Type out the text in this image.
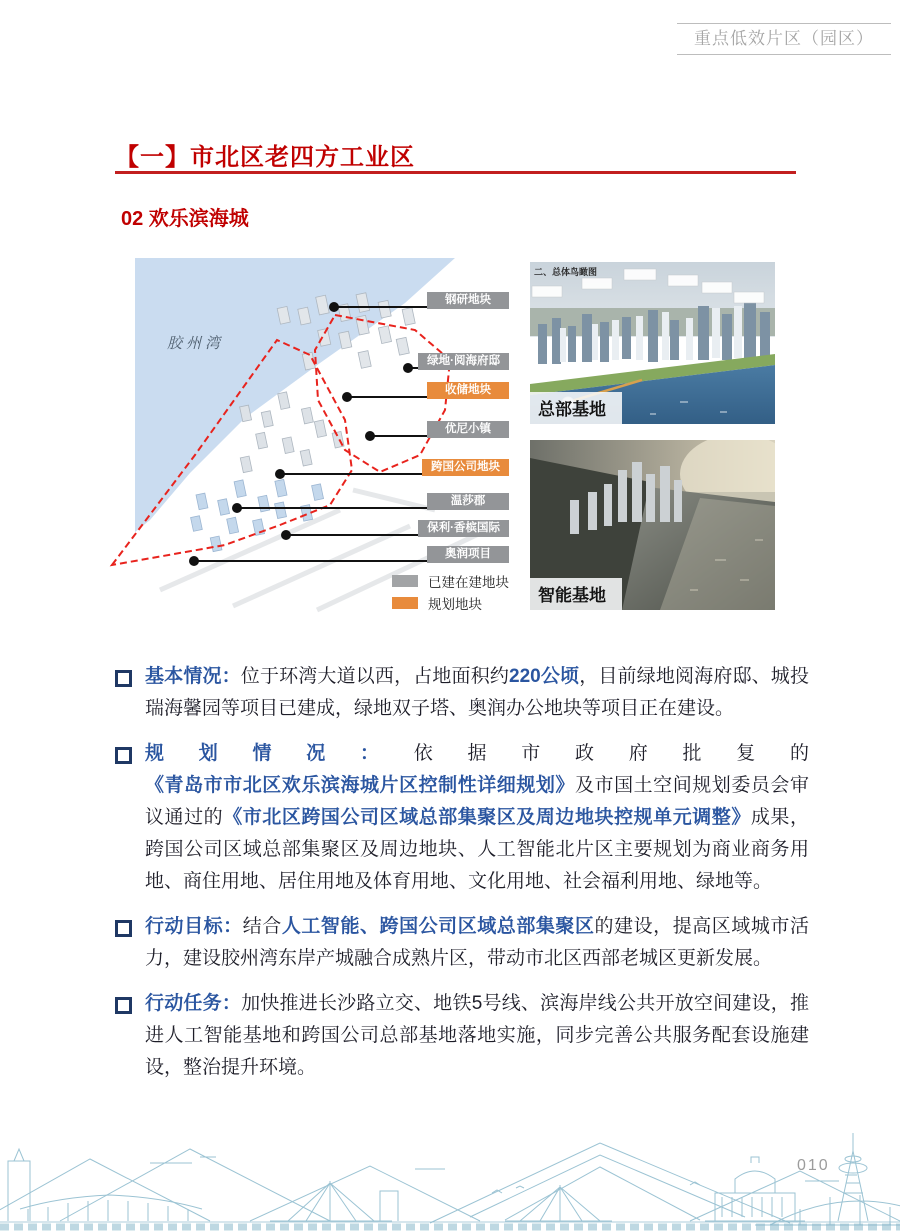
重点低效片区（园区）
【一】市北区老四方工业区
02 欢乐滨海城
胶州湾
钢研地块
绿地·阅海府邸
收储地块
优尼小镇
跨国公司地块
温莎郡
保利·香槟国际
奥润项目
已建在建地块
规划地块
二、总体鸟瞰图
总部基地
智能基地
基本情况：位于环湾大道以西，占地面积约220公顷，目前绿地阅海府邸、城投瑞海馨园等项目已建成，绿地双子塔、奥润办公地块等项目正在建设。
规划情况：依据市政府批复的《青岛市市北区欢乐滨海城片区控制性详细规划》及市国土空间规划委员会审议通过的《市北区跨国公司区域总部集聚区及周边地块控规单元调整》成果，跨国公司区域总部集聚区及周边地块、人工智能北片区主要规划为商业商务用地、商住用地、居住用地及体育用地、文化用地、社会福利用地、绿地等。
行动目标：结合人工智能、跨国公司区域总部集聚区的建设，提高区域城市活力，建设胶州湾东岸产城融合成熟片区，带动市北区西部老城区更新发展。
行动任务：加快推进长沙路立交、地铁5号线、滨海岸线公共开放空间建设，推进人工智能基地和跨国公司总部基地落地实施，同步完善公共服务配套设施建设，整治提升环境。
010
